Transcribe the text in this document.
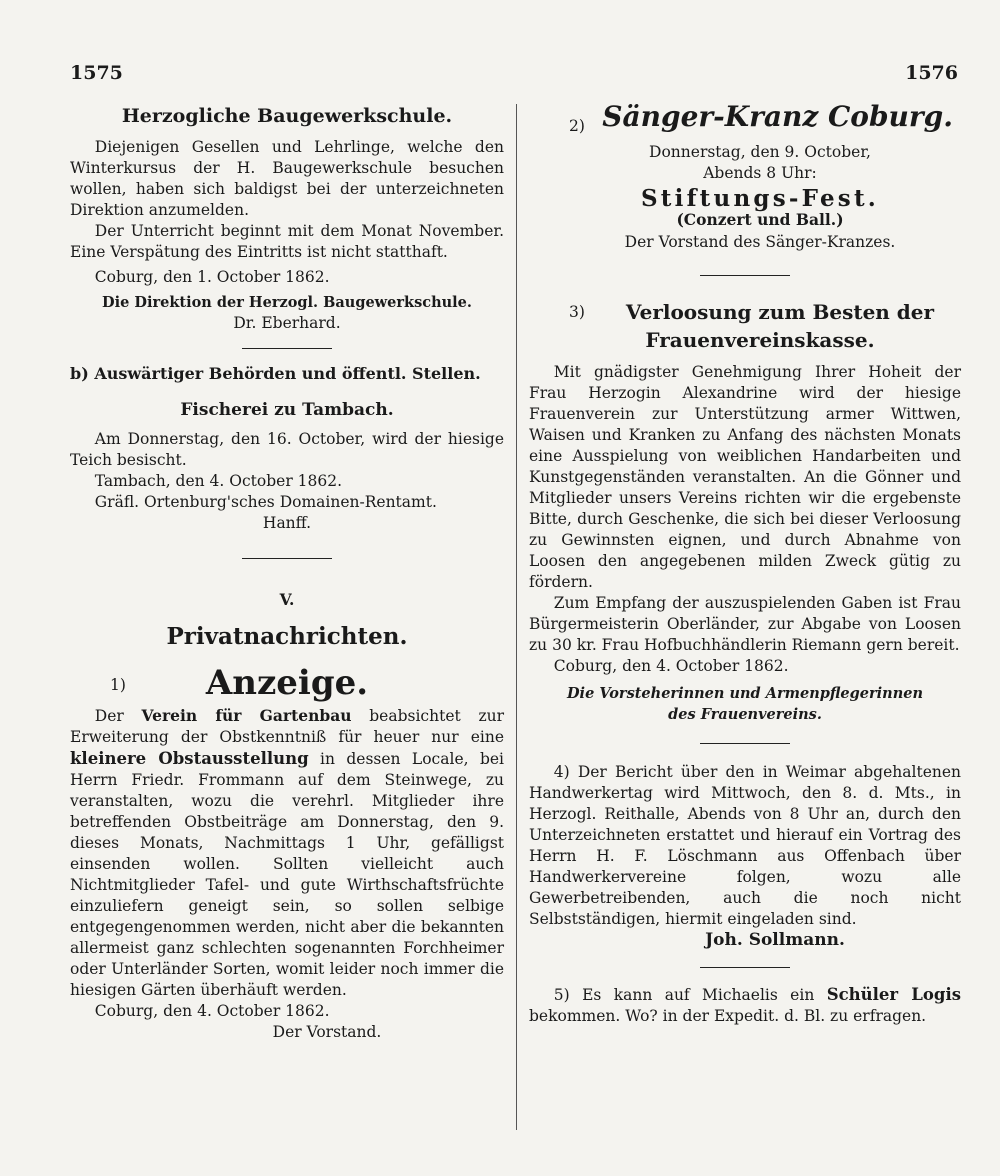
1575	1576
Herzogliche Baugewerkschule.

Diejenigen Gesellen und Lehrlinge, welche den Winterkursus der H. Baugewerkschule besuchen wollen, haben sich baldigst bei der unterzeichneten Direktion anzumelden.

Der Unterricht beginnt mit dem Monat November. Eine Verspätung des Eintritts ist nicht statthaft.

Coburg, den 1. October 1862.

Die Direktion der Herzogl. Baugewerkschule.

Dr. Eberhard.

b) Auswärtiger Behörden und öffentl. Stellen.

Fischerei zu Tambach.

Am Donnerstag, den 16. October, wird der hiesige Teich besischt.

Tambach, den 4. October 1862.

Gräfl. Ortenburg'sches Domainen-Rentamt.

Hanff.

V.

Privatnachrichten.

1)	Anzeige.

Der Verein für Gartenbau beabsichtet zur Erweiterung der Obstkenntniß für heuer nur eine kleinere Obstausstellung in dessen Locale, bei Herrn Friedr. Frommann auf dem Steinwege, zu veranstalten, wozu die verehrl. Mitglieder ihre betreffenden Obstbeiträge am Donnerstag, den 9. dieses Monats, Nachmittags 1 Uhr, gefälligst einsenden wollen. Sollten vielleicht auch Nichtmitglieder Tafel- und gute Wirthschaftsfrüchte einzuliefern geneigt sein, so sollen selbige entgegengenommen werden, nicht aber die bekannten allermeist ganz schlechten sogenannten Forchheimer oder Unterländer Sorten, womit leider noch immer die hiesigen Gärten überhäuft werden.

Coburg, den 4. October 1862.

Der Vorstand.

2) Sänger-Kranz Coburg.

Donnerstag, den 9. October,

Abends 8 Uhr:

Stiftungs-Fest.

(Conzert und Ball.)

Der Vorstand des Sänger-Kranzes.

3)	Verloosung zum Besten der

Frauenvereinskasse.

Mit gnädigster Genehmigung Ihrer Hoheit der Frau Herzogin Alexandrine wird der hiesige Frauenverein zur Unterstützung armer Wittwen, Waisen und Kranken zu Anfang des nächsten Monats eine Ausspielung von weiblichen Handarbeiten und Kunstgegenständen veranstalten. An die Gönner und Mitglieder unsers Vereins richten wir die ergebenste Bitte, durch Geschenke, die sich bei dieser Verloosung zu Gewinnsten eignen, und durch Abnahme von Loosen den angegebenen milden Zweck gütig zu fördern.

Zum Empfang der auszuspielenden Gaben ist Frau Bürgermeisterin Oberländer, zur Abgabe von Loosen zu 30 kr. Frau Hofbuchhändlerin Riemann gern bereit.

Coburg, den 4. October 1862.

Die Vorsteherinnen und Armenpflegerinnen

des Frauenvereins.

4) Der Bericht über den in Weimar abgehaltenen Handwerkertag wird Mittwoch, den 8. d. Mts., in Herzogl. Reithalle, Abends von 8 Uhr an, durch den Unterzeichneten erstattet und hierauf ein Vortrag des Herrn H. F. Löschmann aus Offenbach über Handwerkervereine folgen, wozu alle Gewerbetreibenden, auch die noch nicht Selbstständigen, hiermit eingeladen sind.

Joh. Sollmann.

5) Es kann auf Michaelis ein Schüler Logis bekommen. Wo? in der Expedit. d. Bl. zu erfragen.
